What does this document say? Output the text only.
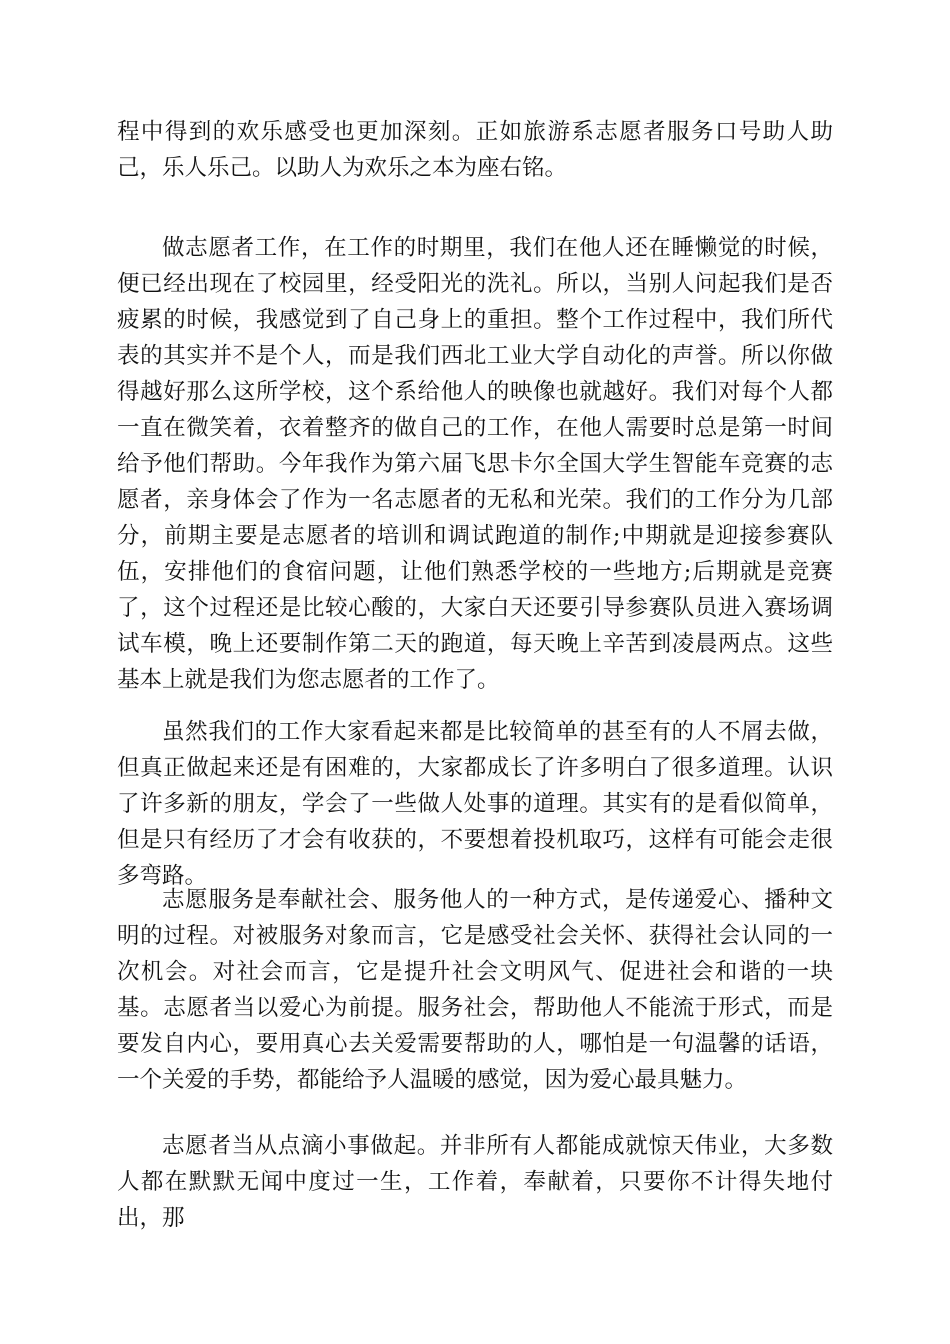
程中得到的欢乐感受也更加深刻。正如旅游系志愿者服务口号助人助己，乐人乐己。以助人为欢乐之本为座右铭。

做志愿者工作，在工作的时期里，我们在他人还在睡懒觉的时候，便已经出现在了校园里，经受阳光的洗礼。所以，当别人问起我们是否疲累的时候，我感觉到了自己身上的重担。整个工作过程中，我们所代表的其实并不是个人，而是我们西北工业大学自动化的声誉。所以你做得越好那么这所学校，这个系给他人的映像也就越好。我们对每个人都一直在微笑着，衣着整齐的做自己的工作，在他人需要时总是第一时间给予他们帮助。今年我作为第六届飞思卡尔全国大学生智能车竞赛的志愿者，亲身体会了作为一名志愿者的无私和光荣。我们的工作分为几部分，前期主要是志愿者的培训和调试跑道的制作;中期就是迎接参赛队伍，安排他们的食宿问题，让他们熟悉学校的一些地方;后期就是竞赛了，这个过程还是比较心酸的，大家白天还要引导参赛队员进入赛场调试车模，晚上还要制作第二天的跑道，每天晚上辛苦到凌晨两点。这些基本上就是我们为您志愿者的工作了。

虽然我们的工作大家看起来都是比较简单的甚至有的人不屑去做，但真正做起来还是有困难的，大家都成长了许多明白了很多道理。认识了许多新的朋友，学会了一些做人处事的道理。其实有的是看似简单，但是只有经历了才会有收获的，不要想着投机取巧，这样有可能会走很多弯路。

志愿服务是奉献社会、服务他人的一种方式，是传递爱心、播种文明的过程。对被服务对象而言，它是感受社会关怀、获得社会认同的一次机会。对社会而言，它是提升社会文明风气、促进社会和谐的一块基。志愿者当以爱心为前提。服务社会，帮助他人不能流于形式，而是要发自内心，要用真心去关爱需要帮助的人，哪怕是一句温馨的话语，一个关爱的手势，都能给予人温暖的感觉，因为爱心最具魅力。

志愿者当从点滴小事做起。并非所有人都能成就惊天伟业，大多数人都在默默无闻中度过一生，工作着，奉献着，只要你不计得失地付出，那
